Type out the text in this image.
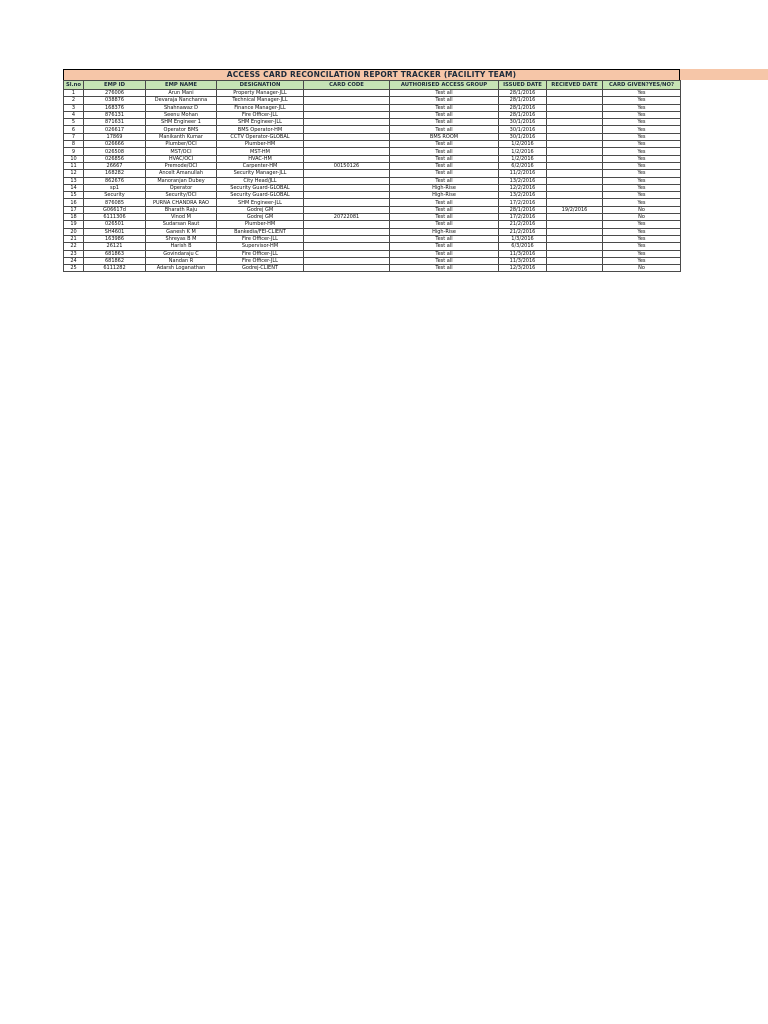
ACCESS CARD RECONCILATION REPORT TRACKER (FACILITY TEAM)
Sl.no	EMP ID	EMP NAME	DESIGNATION	CARD CODE	AUTHORISED ACCESS GROUP	ISSUED DATE	RECIEVED DATE	CARD GIVEN?YES/NO?
1	276006	Arun Mani	Property Manager-JLL		Test all	28/1/2016		Yes
2	038876	Devaraja Nanchanna	Technical Manager-JLL		Test all	28/1/2016		Yes
3	168376	Shahnawaz D	Finance Manager-JLL		Test all	28/1/2016		Yes
4	876131	Seenu Mohan	Fire Officer-JLL		Test all	28/1/2016		Yes
5	871631	SHM Engineer 1	SHM Engineer-JLL		Test all	30/1/2016		Yes
6	026617	Operator BMS	BMS Operator-HM		Test all	30/1/2016		Yes
7	17869	Manikanth Kumar	CCTV Operator-GLOBAL		BMS ROOM	30/1/2016		Yes
8	026666	Plumber/OCI	Plumber-HM		Test all	1/2/2016		Yes
9	026508	MST/OCI	MST-HM		Test all	1/2/2016		Yes
10	026856	HVAC/OCI	HVAC-HM		Test all	1/2/2016		Yes
11	26667	Premode/OCI	Carpenter-HM	00150126	Test all	6/2/2016		Yes
12	168282	Ancelt Amanullah	Security Manager-JLL		Test all	11/2/2016		Yes
13	862676	Manoranjan Dubey	City Head/JLL		Test all	13/2/2016		Yes
14	sp1	Operator	Security Guard-GLOBAL		High-Rise	12/2/2016		Yes
15	Security	Security/OCI	Security Guard-GLOBAL		High-Rise	13/2/2016		Yes
16	876085	PURNA CHANDRA RAO	SHM Engineer-JLL		Test all	17/2/2016		Yes
17	G06617d	Bharath Raju	Godrej GM		Test all	28/1/2016	19/2/2016	No
18	6111306	Vinod M	Godrej GM	20722081	Test all	17/2/2016		No
19	026501	Sudarsan Raut	Plumber-HM		Test all	21/2/2016		Yes
20	SH4601	Ganesh K M	Bankedia/FEI-CLIENT		High-Rise	21/2/2016		Yes
21	163986	Shreyas B M	Fire Officer-JLL		Test all	1/3/2016		Yes
22	26121	Harish B	Supervisor-HM		Test all	6/3/2016		Yes
23	681863	Govindaraju C	Fire Officer-JLL		Test all	11/3/2016		Yes
24	681862	Nandan R	Fire Officer-JLL		Test all	11/3/2016		Yes
25	6111282	Adarsh Loganathan	Godrej-CLIENT		Test all	12/3/2016		No
